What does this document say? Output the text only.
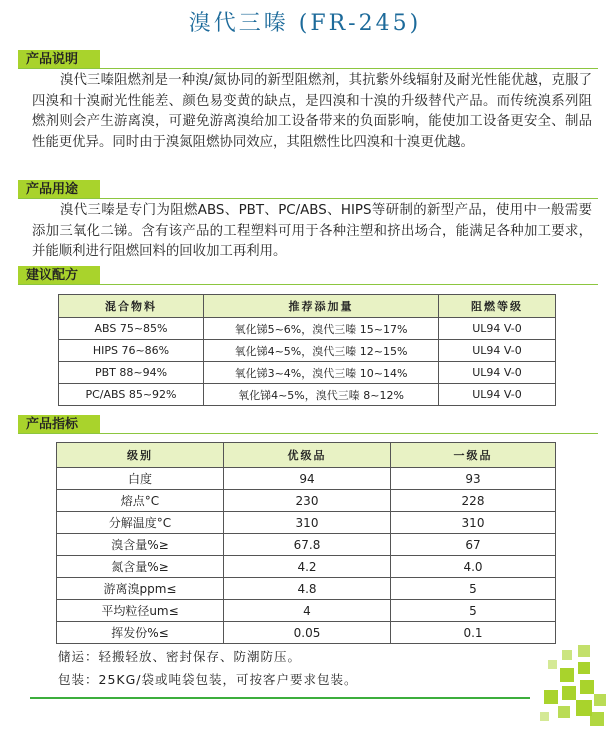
溴代三嗪 (FR-245)
产品说明
溴代三嗪阻燃剂是一种溴/氮协同的新型阻燃剂，其抗紫外线辐射及耐光性能优越，克服了四溴和十溴耐光性能差、颜色易变黄的缺点，是四溴和十溴的升级替代产品。而传统溴系列阻燃剂则会产生游离溴，可避免游离溴给加工设备带来的负面影响，能使加工设备更安全、制品性能更优异。同时由于溴氮阻燃协同效应，其阻燃性比四溴和十溴更优越。
产品用途
溴代三嗪是专门为阻燃ABS、PBT、PC/ABS、HIPS等研制的新型产品，使用中一般需要添加三氧化二锑。含有该产品的工程塑料可用于各种注塑和挤出场合，能满足各种加工要求，并能顺利进行阻燃回料的回收加工再利用。
建议配方
混合物料	推荐添加量	阻燃等级
ABS 75~85%	氧化锑5~6%，溴代三嗪 15~17%	UL94 V-0
HIPS 76~86%	氧化锑4~5%，溴代三嗪 12~15%	UL94 V-0
PBT 88~94%	氧化锑3~4%，溴代三嗪 10~14%	UL94 V-0
PC/ABS 85~92%	氧化锑4~5%，溴代三嗪 8~12%	UL94 V-0
产品指标
级别	优级品	一级品
白度	94	93
熔点°C	230	228
分解温度°C	310	310
溴含量%≥	67.8	67
氮含量%≥	4.2	4.0
游离溴ppm≤	4.8	5
平均粒径um≤	4	5
挥发份%≤	0.05	0.1
储运：轻搬轻放、密封保存、防潮防压。
包装：25KG/袋或吨袋包装，可按客户要求包装。
